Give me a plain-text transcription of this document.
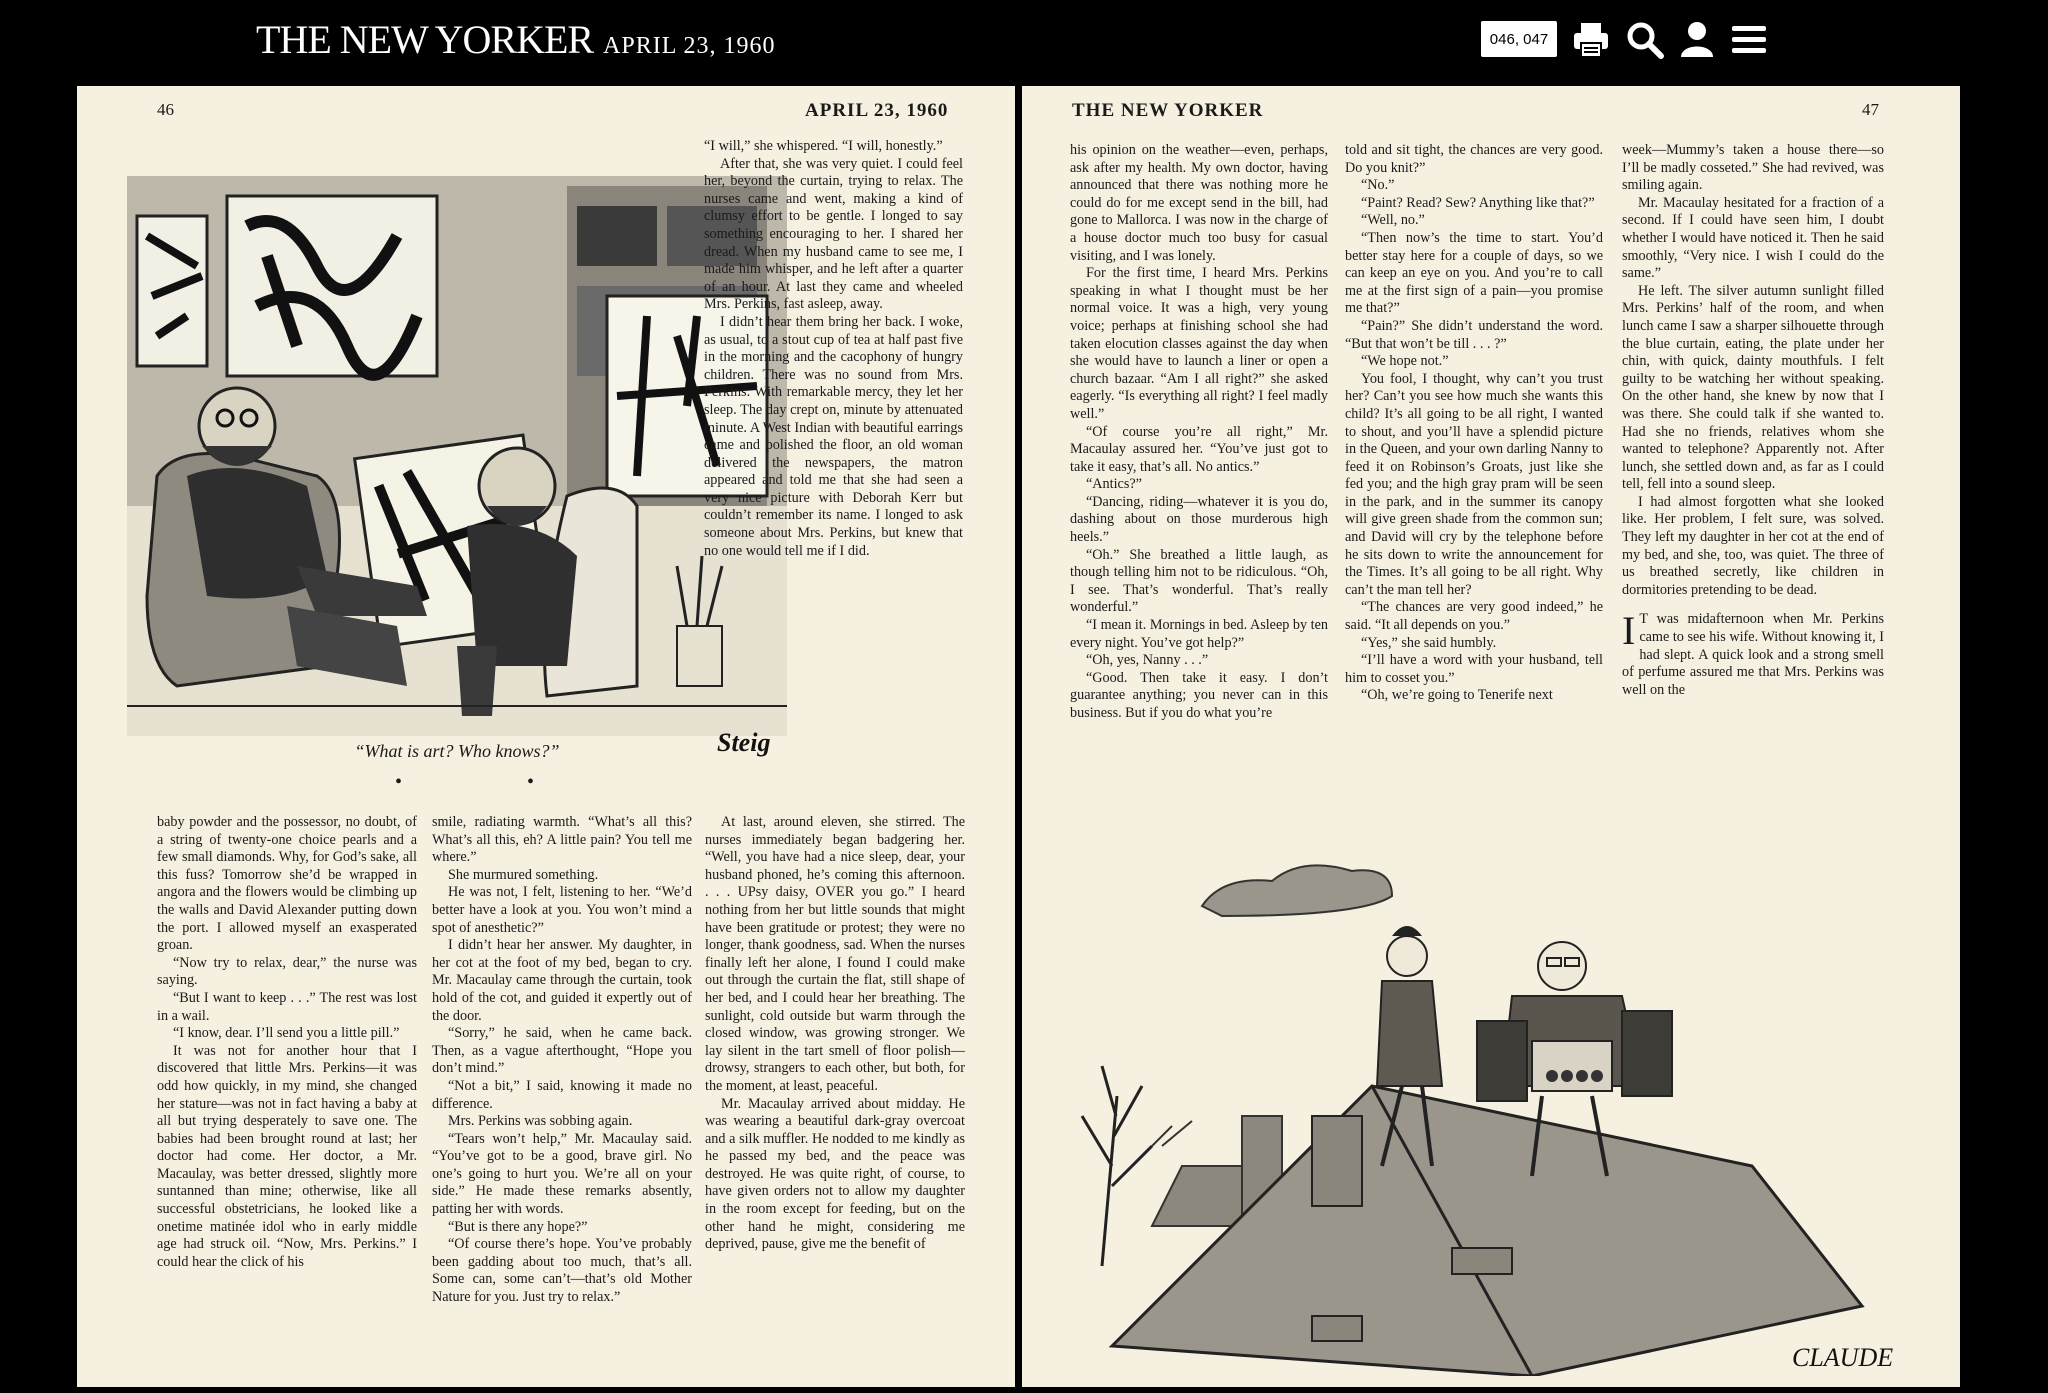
THE NEW YORKER APRIL 23, 1960	046, 047
46	APRIL 23, 1960
Steig
“What is art? Who knows?”
• •

“I will,” she whispered. “I will, honestly.”

After that, she was very quiet. I could feel her, beyond the curtain, trying to relax. The nurses came and went, making a kind of clumsy effort to be gentle. I longed to say something encouraging to her. I shared her dread. When my husband came to see me, I made him whisper, and he left after a quarter of an hour. At last they came and wheeled Mrs. Perkins, fast asleep, away.

I didn’t hear them bring her back. I woke, as usual, to a stout cup of tea at half past five in the morning and the cacophony of hungry children. There was no sound from Mrs. Perkins. With remarkable mercy, they let her sleep. The day crept on, minute by attenuated minute. A West Indian with beautiful earrings came and polished the floor, an old woman delivered the newspapers, the matron appeared and told me that she had seen a very nice picture with Deborah Kerr but couldn’t remember its name. I longed to ask someone about Mrs. Perkins, but knew that no one would tell me if I did.

baby powder and the possessor, no doubt, of a string of twenty-one choice pearls and a few small diamonds. Why, for God’s sake, all this fuss? Tomorrow she’d be wrapped in angora and the flowers would be climbing up the walls and David Alexander putting down the port. I allowed myself an exasperated groan.

“Now try to relax, dear,” the nurse was saying.

“But I want to keep . . .” The rest was lost in a wail.

“I know, dear. I’ll send you a little pill.”

It was not for another hour that I discovered that little Mrs. Perkins—it was odd how quickly, in my mind, she changed her stature—was not in fact having a baby at all but trying desperately to save one. The babies had been brought round at last; her doctor had come. Her doctor, a Mr. Macaulay, was better dressed, slightly more suntanned than mine; otherwise, like all successful obstetricians, he looked like a onetime matinée idol who in early middle age had struck oil. “Now, Mrs. Perkins.” I could hear the click of his

smile, radiating warmth. “What’s all this? What’s all this, eh? A little pain? You tell me where.”

She murmured something.

He was not, I felt, listening to her. “We’d better have a look at you. You won’t mind a spot of anesthetic?”

I didn’t hear her answer. My daughter, in her cot at the foot of my bed, began to cry. Mr. Macaulay came through the curtain, took hold of the cot, and guided it expertly out of the door.

“Sorry,” he said, when he came back. Then, as a vague afterthought, “Hope you don’t mind.”

“Not a bit,” I said, knowing it made no difference.

Mrs. Perkins was sobbing again.

“Tears won’t help,” Mr. Macaulay said. “You’ve got to be a good, brave girl. No one’s going to hurt you. We’re all on your side.” He made these remarks absently, patting her with words.

“But is there any hope?”

“Of course there’s hope. You’ve probably been gadding about too much, that’s all. Some can, some can’t—that’s old Mother Nature for you. Just try to relax.”

At last, around eleven, she stirred. The nurses immediately began badgering her. “Well, you have had a nice sleep, dear, your husband phoned, he’s coming this afternoon. . . . UPsy daisy, OVER you go.” I heard nothing from her but little sounds that might have been gratitude or protest; they were no longer, thank goodness, sad. When the nurses finally left her alone, I found I could make out through the curtain the flat, still shape of her bed, and I could hear her breathing. The sunlight, cold outside but warm through the closed window, was growing stronger. We lay silent in the tart smell of floor polish—drowsy, strangers to each other, but both, for the moment, at least, peaceful.

Mr. Macaulay arrived about midday. He was wearing a beautiful dark-gray overcoat and a silk muffler. He nodded to me kindly as he passed my bed, and the peace was destroyed. He was quite right, of course, to have given orders not to allow my daughter in the room except for feeding, but on the other hand he might, considering me deprived, pause, give me the benefit of

THE NEW YORKER	47

his opinion on the weather—even, perhaps, ask after my health. My own doctor, having announced that there was nothing more he could do for me except send in the bill, had gone to Mallorca. I was now in the charge of a house doctor much too busy for casual visiting, and I was lonely.

For the first time, I heard Mrs. Perkins speaking in what I thought must be her normal voice. It was a high, very young voice; perhaps at finishing school she had taken elocution classes against the day when she would have to launch a liner or open a church bazaar. “Am I all right?” she asked eagerly. “Is everything all right? I feel madly well.”

“Of course you’re all right,” Mr. Macaulay assured her. “You’ve just got to take it easy, that’s all. No antics.”

“Antics?”

“Dancing, riding—whatever it is you do, dashing about on those murderous high heels.”

“Oh.” She breathed a little laugh, as though telling him not to be ridiculous. “Oh, I see. That’s wonderful. That’s really wonderful.”

“I mean it. Mornings in bed. Asleep by ten every night. You’ve got help?”

“Oh, yes, Nanny . . .”

“Good. Then take it easy. I don’t guarantee anything; you never can in this business. But if you do what you’re

told and sit tight, the chances are very good. Do you knit?”

“No.”

“Paint? Read? Sew? Anything like that?”

“Well, no.”

“Then now’s the time to start. You’d better stay here for a couple of days, so we can keep an eye on you. And you’re to call me at the first sign of a pain—you promise me that?”

“Pain?” She didn’t understand the word. “But that won’t be till . . . ?”

“We hope not.”

You fool, I thought, why can’t you trust her? Can’t you see how much she wants this child? It’s all going to be all right, I wanted to shout, and you’ll have a splendid picture in the Queen, and your own darling Nanny to feed it on Robinson’s Groats, just like she fed you; and the high gray pram will be seen in the park, and in the summer its canopy will give green shade from the common sun; and David will cry by the telephone before he sits down to write the announcement for the Times. It’s all going to be all right. Why can’t the man tell her?

“The chances are very good indeed,” he said. “It all depends on you.”

“Yes,” she said humbly.

“I’ll have a word with your husband, tell him to cosset you.”

“Oh, we’re going to Tenerife next

week—Mummy’s taken a house there—so I’ll be madly cosseted.” She had revived, was smiling again.

Mr. Macaulay hesitated for a fraction of a second. If I could have seen him, I doubt whether I would have noticed it. Then he said smoothly, “Very nice. I wish I could do the same.”

He left. The silver autumn sunlight filled Mrs. Perkins’ half of the room, and when lunch came I saw a sharper silhouette through the blue curtain, eating, the plate under her chin, with quick, dainty mouthfuls. I felt guilty to be watching her without speaking. On the other hand, she knew by now that I was there. She could talk if she wanted to. Had she no friends, relatives whom she wanted to telephone? Apparently not. After lunch, she settled down and, as far as I could tell, fell into a sound sleep.

I had almost forgotten what she looked like. Her problem, I felt sure, was solved. They left my daughter in her cot at the end of my bed, and she, too, was quiet. The three of us breathed secretly, like children in dormitories pretending to be dead.

I T was midafternoon when Mr. Perkins came to see his wife. Without knowing it, I had slept. A quick look and a strong smell of perfume assured me that Mrs. Perkins was well on the

CLAUDE
